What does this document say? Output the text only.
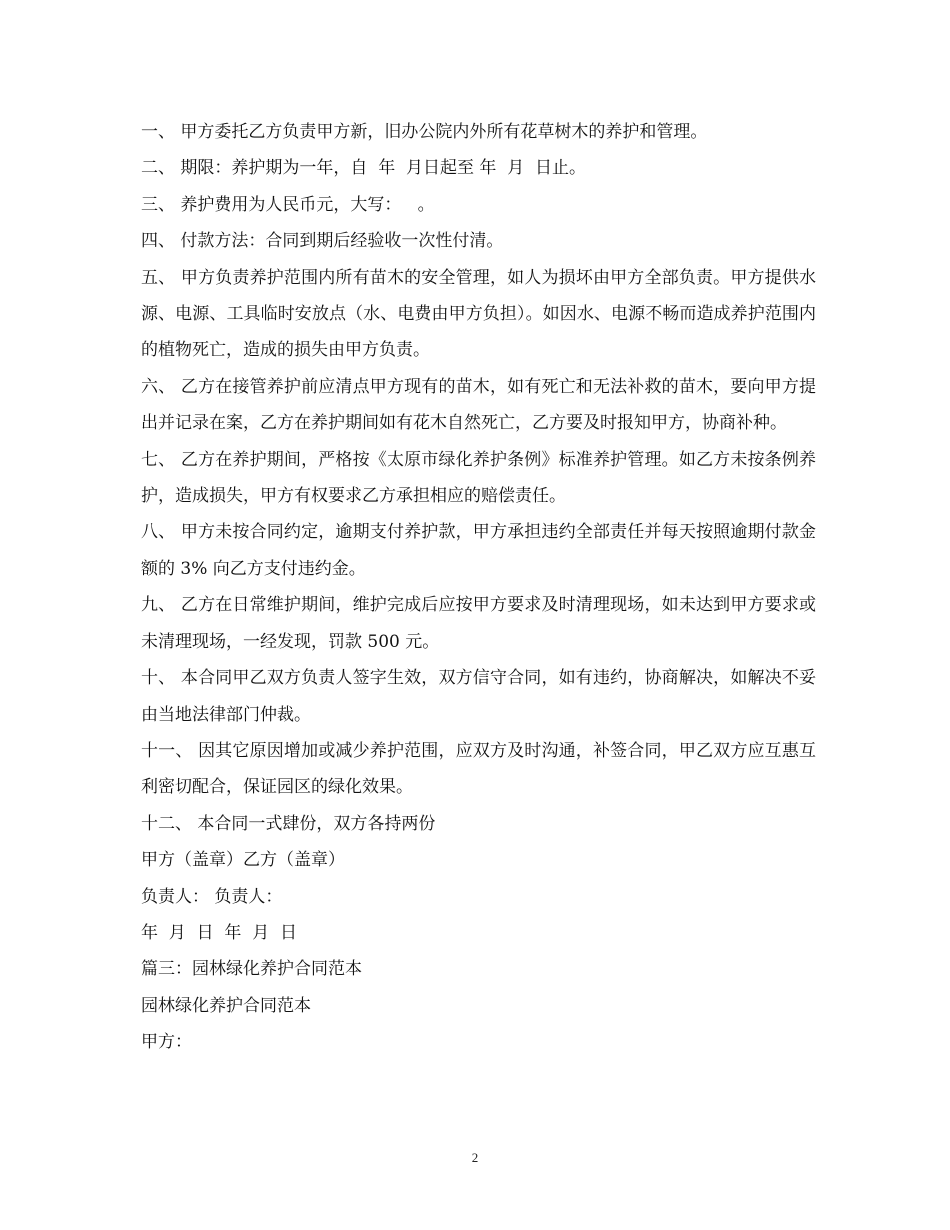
一、 甲方委托乙方负责甲方新，旧办公院内外所有花草树木的养护和管理。

二、 期限：养护期为一年，自  年  月日起至 年  月  日止。

三、 养护费用为人民币元，大写：   。

四、 付款方法：合同到期后经验收一次性付清。

五、 甲方负责养护范围内所有苗木的安全管理，如人为损坏由甲方全部负责。甲方提供水源、电源、工具临时安放点（水、电费由甲方负担）。如因水、电源不畅而造成养护范围内的植物死亡，造成的损失由甲方负责。

六、 乙方在接管养护前应清点甲方现有的苗木，如有死亡和无法补救的苗木，要向甲方提出并记录在案，乙方在养护期间如有花木自然死亡，乙方要及时报知甲方，协商补种。

七、 乙方在养护期间，严格按《太原市绿化养护条例》标准养护管理。如乙方未按条例养护，造成损失，甲方有权要求乙方承担相应的赔偿责任。

八、 甲方未按合同约定，逾期支付养护款，甲方承担违约全部责任并每天按照逾期付款金额的 3% 向乙方支付违约金。

九、 乙方在日常维护期间，维护完成后应按甲方要求及时清理现场，如未达到甲方要求或未清理现场，一经发现，罚款 500 元。

十、 本合同甲乙双方负责人签字生效，双方信守合同，如有违约，协商解决，如解决不妥由当地法律部门仲裁。

十一、 因其它原因增加或减少养护范围，应双方及时沟通，补签合同，甲乙双方应互惠互利密切配合，保证园区的绿化效果。

十二、 本合同一式肆份，双方各持两份

甲方（盖章）乙方（盖章）

负责人： 负责人：

年  月  日  年  月  日

篇三：园林绿化养护合同范本

园林绿化养护合同范本

甲方：

2
